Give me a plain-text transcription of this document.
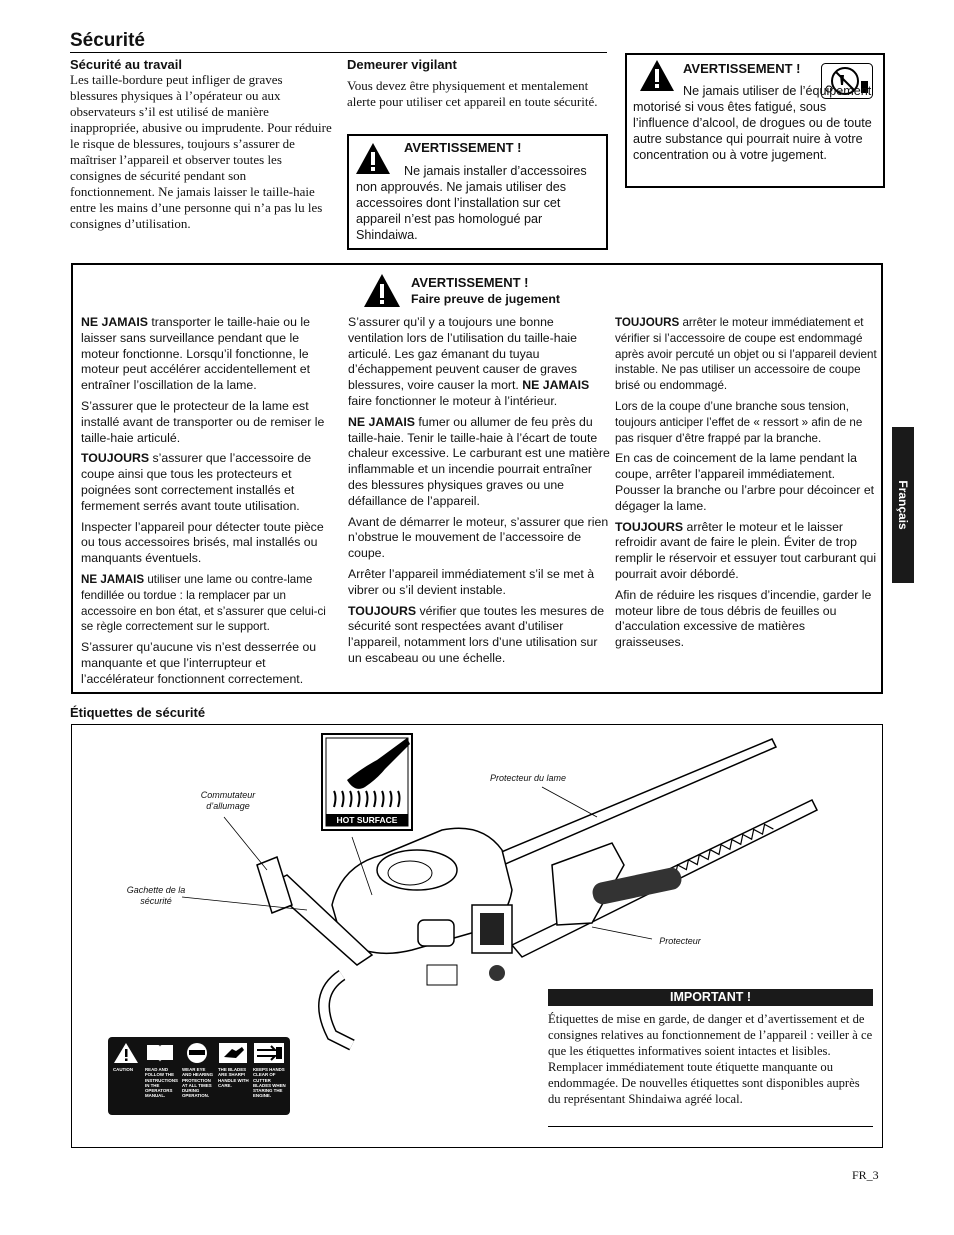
Sécurité
Sécurité au travail

Les taille-bordure peut infliger de graves blessures physiques à l’opérateur ou aux observateurs s’il est utilisé de manière inappropriée, abusive ou imprudente. Pour réduire le risque de blessures, toujours s’assurer de maîtriser l’appareil et observer toutes les consignes de sécurité pendant son fonctionnement. Ne jamais laisser le taille-haie entre les mains d’une personne qui n’a pas lu les consignes d’utilisation.

Demeurer vigilant

Vous devez être physiquement et mentalement alerte pour utiliser cet appareil en toute sécurité.

AVERTISSEMENT !

Ne jamais installer d’accessoires non approuvés. Ne jamais utiliser des accessoires dont l’installation sur cet appareil n’est pas homologué par Shindaiwa.

AVERTISSEMENT !

Ne jamais utiliser de l’équipement motorisé si vous êtes fatigué, sous l’influence d’alcool, de drogues ou de toute autre substance qui pourrait nuire à votre concentration ou à votre jugement.

AVERTISSEMENT !
Faire preuve de jugement

NE JAMAIS transporter le taille-haie ou le laisser sans surveillance pendant que le moteur fonctionne. Lorsqu’il fonctionne, le moteur peut accélérer accidentellement et entraîner l’oscillation de la lame.

S’assurer que le protecteur de la lame est installé avant de transporter ou de remiser le taille-haie articulé.

TOUJOURS s’assurer que l’accessoire de coupe ainsi que tous les protecteurs et poignées sont correctement installés et fermement serrés avant toute utilisation.

Inspecter l’appareil pour détecter toute pièce ou tous accessoires brisés, mal installés ou manquants éventuels.

NE JAMAIS utiliser une lame ou contre-lame fendillée ou tordue : la remplacer par un accessoire en bon état, et s’assurer que celui-ci se règle correctement sur le support.

S’assurer qu’aucune vis n’est desserrée ou manquante et que l’interrupteur et l’accélérateur fonctionnent correctement.

S’assurer qu’il y a toujours une bonne ventilation lors de l’utilisation du taille-haie articulé. Les gaz émanant du tuyau d’échappement peuvent causer de graves blessures, voire causer la mort. NE JAMAIS faire fonctionner le moteur à l’intérieur.

NE JAMAIS fumer ou allumer de feu près du taille-haie. Tenir le taille-haie à l’écart de toute chaleur excessive. Le carburant est une matière inflammable et un incendie pourrait entraîner des blessures physiques graves ou une défaillance de l’appareil.

Avant de démarrer le moteur, s’assurer que rien n’obstrue le mouvement de l’accessoire de coupe.

Arrêter l’appareil immédiatement s’il se met à vibrer ou s’il devient instable.

TOUJOURS vérifier que toutes les mesures de sécurité sont respectées avant d’utiliser l’appareil, notamment lors d’une utilisation sur un escabeau ou une échelle.

TOUJOURS arrêter le moteur immédiatement et vérifier si l’accessoire de coupe est endommagé après avoir percuté un objet ou si l’appareil devient instable. Ne pas utiliser un accessoire de coupe brisé ou endommagé.

Lors de la coupe d’une branche sous tension, toujours anticiper l’effet de « ressort » afin de ne pas risquer d’être frappé par la branche.

En cas de coincement de la lame pendant la coupe, arrêter l’appareil immédiatement. Pousser la branche ou l’arbre pour décoincer et dégager la lame.

TOUJOURS arrêter le moteur et le laisser refroidir avant de faire le plein. Éviter de trop remplir le réservoir et essuyer tout carburant qui pourrait avoir débordé.

Afin de réduire les risques d’incendie, garder le moteur libre de tous débris de feuilles ou d’acculation excessive de matières graisseuses.

Français
Étiquettes de sécurité
Commutateur
d’allumage
Protecteur du lame
Gachette de la
sécurité
Protecteur
HOT SURFACE
CAUTION	READ AND FOLLOW THE INSTRUCTIONS IN THE OPERATORS MANUAL.
WEAR EYE AND HEARING PROTECTION AT ALL TIMES DURING OPERATION.
THE BLADES ARE SHARP! HANDLE WITH CARE.
KEEPS HANDS CLEAR OF CUTTER BLADES WHEN STARING THE ENGINE.
IMPORTANT !

Étiquettes de mise en garde, de danger et d’avertissement et de consignes relatives au fonctionnement de l’appareil : veiller à ce que les étiquettes informatives soient intactes et lisibles. Remplacer immédiatement toute étiquette manquante ou endommagée. De nouvelles étiquettes sont disponibles auprès du représentant Shindaiwa agréé local.

FR_3
